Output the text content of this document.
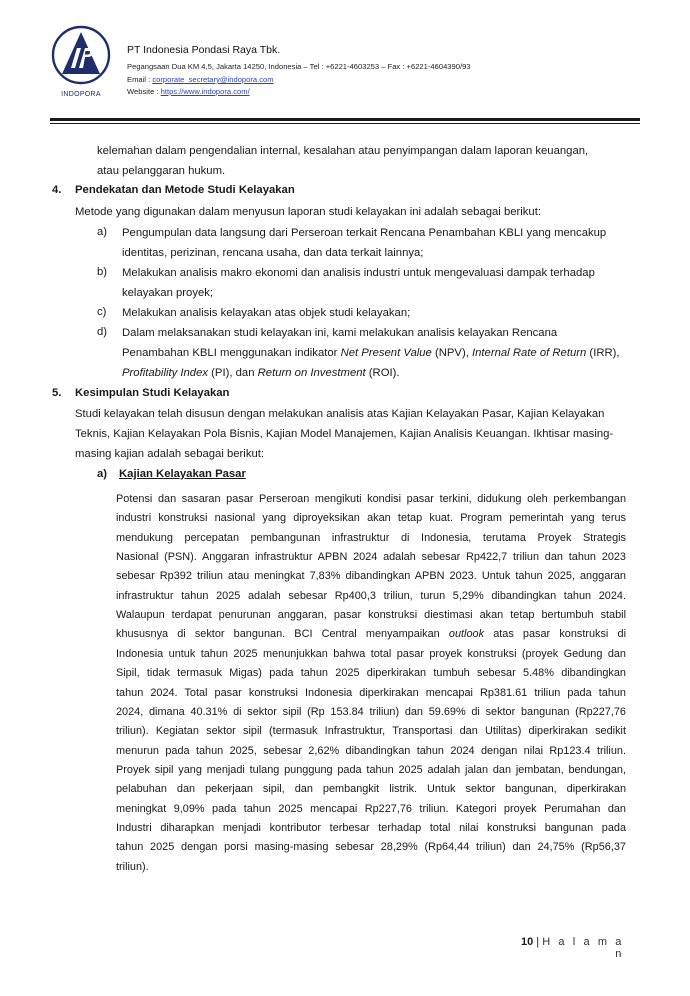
INDOPORA
PT Indonesia Pondasi Raya Tbk.
Pegangsaan Dua KM 4,5, Jakarta 14250, Indonesia – Tel : +6221-4603253 – Fax : +6221-4604390/93
Email : corporate_secretary@indopora.com
Website : https://www.indopora.com/
kelemahan dalam pengendalian internal, kesalahan atau penyimpangan dalam laporan keuangan,
atau pelanggaran hukum.
4. Pendekatan dan Metode Studi Kelayakan
Metode yang digunakan dalam menyusun laporan studi kelayakan ini adalah sebagai berikut:
a) Pengumpulan data langsung dari Perseroan terkait Rencana Penambahan KBLI yang mencakup
identitas, perizinan, rencana usaha, dan data terkait lainnya;
b) Melakukan analisis makro ekonomi dan analisis industri untuk mengevaluasi dampak terhadap
kelayakan proyek;
c) Melakukan analisis kelayakan atas objek studi kelayakan;
d) Dalam melaksanakan studi kelayakan ini, kami melakukan analisis kelayakan Rencana
Penambahan KBLI menggunakan indikator Net Present Value (NPV), Internal Rate of Return (IRR),
Profitability Index (PI), dan Return on Investment (ROI).
5. Kesimpulan Studi Kelayakan
Studi kelayakan telah disusun dengan melakukan analisis atas Kajian Kelayakan Pasar, Kajian Kelayakan
Teknis, Kajian Kelayakan Pola Bisnis, Kajian Model Manajemen, Kajian Analisis Keuangan. Ikhtisar masing-
masing kajian adalah sebagai berikut:
a) Kajian Kelayakan Pasar
Potensi dan sasaran pasar Perseroan mengikuti kondisi pasar terkini, didukung oleh perkembangan
industri konstruksi nasional yang diproyeksikan akan tetap kuat. Program pemerintah yang terus
mendukung percepatan pembangunan infrastruktur di Indonesia, terutama Proyek Strategis
Nasional (PSN). Anggaran infrastruktur APBN 2024 adalah sebesar Rp422,7 triliun dan tahun 2023
sebesar Rp392 triliun atau meningkat 7,83% dibandingkan APBN 2023. Untuk tahun 2025, anggaran
infrastruktur tahun 2025 adalah sebesar Rp400,3 triliun, turun 5,29% dibandingkan tahun 2024.
Walaupun terdapat penurunan anggaran, pasar konstruksi diestimasi akan tetap bertumbuh stabil
khususnya di sektor bangunan. BCI Central menyampaikan outlook atas pasar konstruksi di
Indonesia untuk tahun 2025 menunjukkan bahwa total pasar proyek konstruksi (proyek Gedung dan
Sipil, tidak termasuk Migas) pada tahun 2025 diperkirakan tumbuh sebesar 5.48% dibandingkan
tahun 2024. Total pasar konstruksi Indonesia diperkirakan mencapai Rp381.61 triliun pada tahun
2024, dimana 40.31% di sektor sipil (Rp 153.84 triliun) dan 59.69% di sektor bangunan (Rp227,76
triliun). Kegiatan sektor sipil (termasuk Infrastruktur, Transportasi dan Utilitas) diperkirakan sedikit
menurun pada tahun 2025, sebesar 2,62% dibandingkan tahun 2024 dengan nilai Rp123.4 triliun.
Proyek sipil yang menjadi tulang punggung pada tahun 2025 adalah jalan dan jembatan, bendungan,
pelabuhan dan pekerjaan sipil, dan pembangkit listrik. Untuk sektor bangunan, diperkirakan
meningkat 9,09% pada tahun 2025 mencapai Rp227,76 triliun. Kategori proyek Perumahan dan
Industri diharapkan menjadi kontributor terbesar terhadap total nilai konstruksi bangunan pada
tahun 2025 dengan porsi masing-masing sebesar 28,29% (Rp64,44 triliun) dan 24,75% (Rp56,37
triliun).
10 | H a l a m a n
